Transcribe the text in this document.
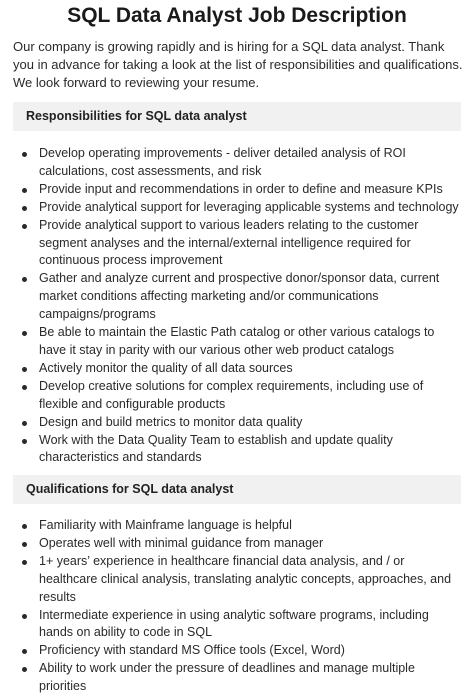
SQL Data Analyst Job Description

Our company is growing rapidly and is hiring for a SQL data analyst. Thank you in advance for taking a look at the list of responsibilities and qualifications. We look forward to reviewing your resume.

Responsibilities for SQL data analyst
Develop operating improvements - deliver detailed analysis of ROI calculations, cost assessments, and risk
Provide input and recommendations in order to define and measure KPIs
Provide analytical support for leveraging applicable systems and technology
Provide analytical support to various leaders relating to the customer segment analyses and the internal/external intelligence required for continuous process improvement
Gather and analyze current and prospective donor/sponsor data, current market conditions affecting marketing and/or communications campaigns/programs
Be able to maintain the Elastic Path catalog or other various catalogs to have it stay in parity with our various other web product catalogs
Actively monitor the quality of all data sources
Develop creative solutions for complex requirements, including use of flexible and configurable products
Design and build metrics to monitor data quality
Work with the Data Quality Team to establish and update quality characteristics and standards
Qualifications for SQL data analyst
Familiarity with Mainframe language is helpful
Operates well with minimal guidance from manager
1+ years’ experience in healthcare financial data analysis, and / or healthcare clinical analysis, translating analytic concepts, approaches, and results
Intermediate experience in using analytic software programs, including hands on ability to code in SQL
Proficiency with standard MS Office tools (Excel, Word)
Ability to work under the pressure of deadlines and manage multiple priorities
